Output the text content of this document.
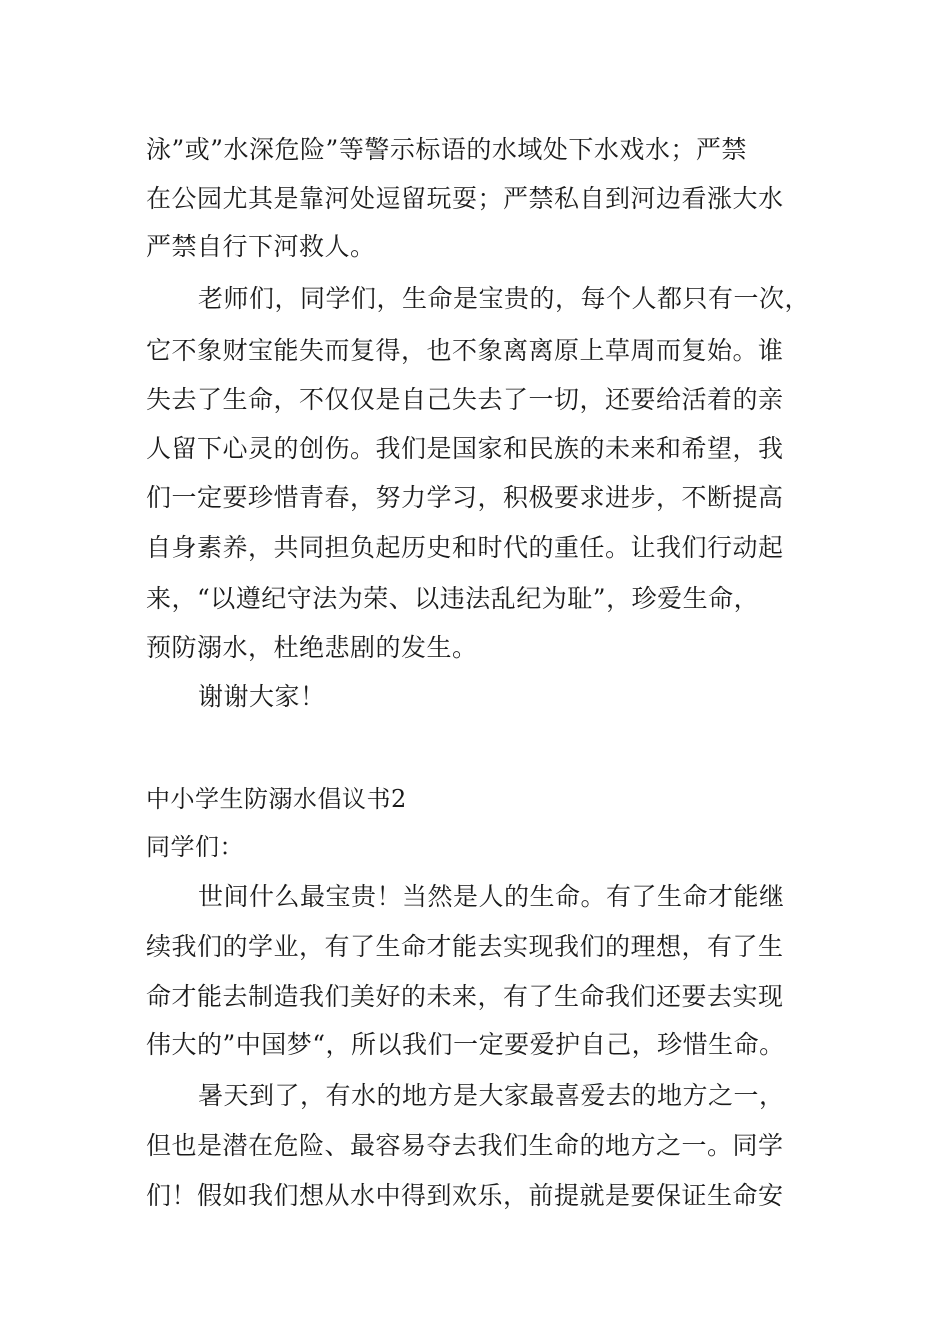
泳”或”水深危险”等警示标语的水域处下水戏水；严禁
在公园尤其是靠河处逗留玩耍；严禁私自到河边看涨大水
严禁自行下河救人。
老师们，同学们，生命是宝贵的，每个人都只有一次，
它不象财宝能失而复得，也不象离离原上草周而复始。谁
失去了生命，不仅仅是自己失去了一切，还要给活着的亲
人留下心灵的创伤。我们是国家和民族的未来和希望，我
们一定要珍惜青春，努力学习，积极要求进步，不断提高
自身素养，共同担负起历史和时代的重任。让我们行动起
来，“以遵纪守法为荣、以违法乱纪为耻”，珍爱生命，
预防溺水，杜绝悲剧的发生。
谢谢大家！
中小学生防溺水倡议书2
同学们：
世间什么最宝贵！当然是人的生命。有了生命才能继
续我们的学业，有了生命才能去实现我们的理想，有了生
命才能去制造我们美好的未来，有了生命我们还要去实现
伟大的”中国梦“，所以我们一定要爱护自己，珍惜生命。
暑天到了，有水的地方是大家最喜爱去的地方之一，
但也是潜在危险、最容易夺去我们生命的地方之一。同学
们！假如我们想从水中得到欢乐，前提就是要保证生命安
